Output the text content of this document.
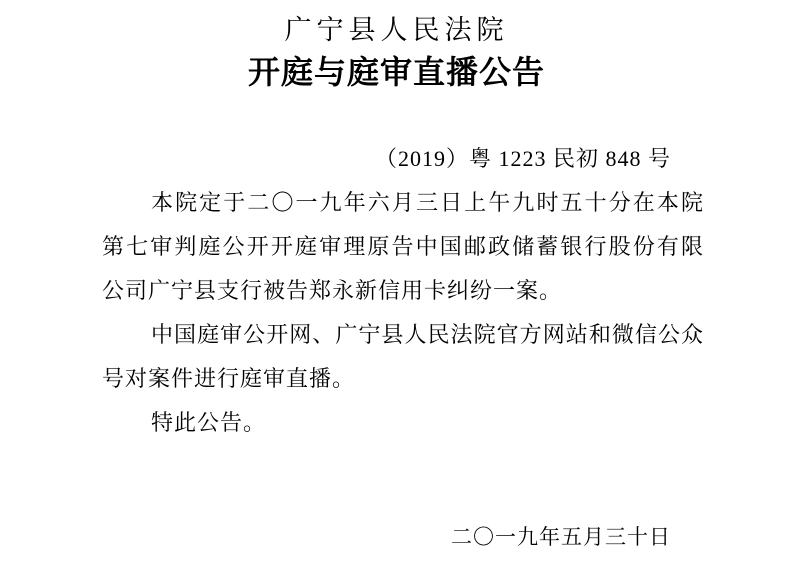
广宁县人民法院
开庭与庭审直播公告
（2019）粤 1223 民初 848 号
本院定于二〇一九年六月三日上午九时五十分在本院
第七审判庭公开开庭审理原告中国邮政储蓄银行股份有限
公司广宁县支行被告郑永新信用卡纠纷一案。
中国庭审公开网、广宁县人民法院官方网站和微信公众
号对案件进行庭审直播。
特此公告。
二〇一九年五月三十日
